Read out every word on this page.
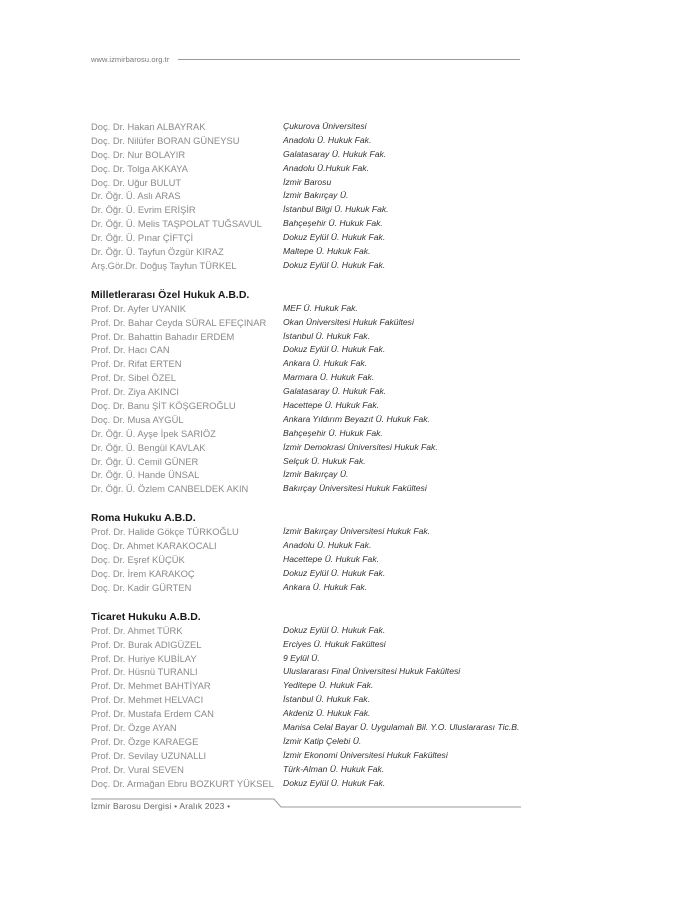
www.izmirbarosu.org.tr
Doç. Dr. Hakan ALBAYRAK	Çukurova Üniversitesi
Doç. Dr. Nilüfer BORAN GÜNEYSU	Anadolu Ü. Hukuk Fak.
Doç. Dr. Nur BOLAYIR	Galatasaray Ü. Hukuk Fak.
Doç. Dr. Tolga AKKAYA	Anadolu Ü.Hukuk Fak.
Doç. Dr. Uğur BULUT	İzmir Barosu
Dr. Öğr. Ü. Aslı ARAS	İzmir Bakırçay Ü.
Dr. Öğr. Ü. Evrim ERİŞİR	İstanbul Bilgi Ü. Hukuk Fak.
Dr. Öğr. Ü. Melis TAŞPOLAT TUĞSAVUL	Bahçeşehir Ü. Hukuk Fak.
Dr. Öğr. Ü. Pınar ÇİFTÇİ	Dokuz Eylül Ü. Hukuk Fak.
Dr. Öğr. Ü. Tayfun Özgür KIRAZ	Maltepe Ü. Hukuk Fak.
Arş.Gör.Dr. Doğuş Tayfun TÜRKEL	Dokuz Eylül Ü. Hukuk Fak.
Milletlerarası Özel Hukuk A.B.D.
Prof. Dr. Ayfer UYANIK	MEF Ü. Hukuk Fak.
Prof. Dr. Bahar Ceyda SÜRAL EFEÇINAR	Okan Üniversitesi Hukuk Fakültesi
Prof. Dr. Bahattin Bahadır ERDEM	İstanbul Ü. Hukuk Fak.
Prof. Dr. Hacı CAN	Dokuz Eylül Ü. Hukuk Fak.
Prof. Dr. Rifat ERTEN	Ankara Ü. Hukuk Fak.
Prof. Dr. Sibel ÖZEL	Marmara Ü. Hukuk Fak.
Prof. Dr. Ziya AKINCI	Galatasaray Ü. Hukuk Fak.
Doç. Dr. Banu ŞİT KÖŞGEROĞLU	Hacettepe Ü. Hukuk Fak.
Doç. Dr. Musa AYGÜL	Ankara Yıldırım Beyazıt Ü. Hukuk Fak.
Dr. Öğr. Ü. Ayşe İpek SARIÖZ	Bahçeşehir Ü. Hukuk Fak.
Dr. Öğr. Ü. Bengül KAVLAK	İzmir Demokrasi Üniversitesi Hukuk Fak.
Dr. Öğr. Ü. Cemil GÜNER	Selçuk Ü. Hukuk Fak.
Dr. Öğr. Ü. Hande ÜNSAL	İzmir Bakırçay Ü.
Dr. Öğr. Ü. Özlem CANBELDEK AKIN	Bakırçay Üniversitesi Hukuk Fakültesi
Roma Hukuku A.B.D.
Prof. Dr. Halide Gökçe TÜRKOĞLU	İzmir Bakırçay Üniversitesi Hukuk Fak.
Doç. Dr. Ahmet KARAKOCALI	Anadolu Ü. Hukuk Fak.
Doç. Dr. Eşref KÜÇÜK	Hacettepe Ü. Hukuk Fak.
Doç. Dr. İrem KARAKOÇ	Dokuz Eylül Ü. Hukuk Fak.
Doç. Dr. Kadir GÜRTEN	Ankara Ü. Hukuk Fak.
Ticaret Hukuku A.B.D.
Prof. Dr. Ahmet TÜRK	Dokuz Eylül Ü. Hukuk Fak.
Prof. Dr. Burak ADIGÜZEL	Erciyes Ü. Hukuk Fakültesi
Prof. Dr. Huriye KUBİLAY	9 Eylül Ü.
Prof. Dr. Hüsnü TURANLI	Uluslararası Final Üniversitesi Hukuk Fakültesi
Prof. Dr. Mehmet BAHTİYAR	Yeditepe Ü. Hukuk Fak.
Prof. Dr. Mehmet HELVACI	İstanbul Ü. Hukuk Fak.
Prof. Dr. Mustafa Erdem CAN	Akdeniz Ü. Hukuk Fak.
Prof. Dr. Özge AYAN	Manisa Celal Bayar Ü. Uygulamalı Bil. Y.O. Uluslararası Tic.B.
Prof. Dr. Özge KARAEGE	İzmir Katip Çelebi Ü.
Prof. Dr. Sevilay UZUNALLI	İzmir Ekonomi Üniversitesi Hukuk Fakültesi
Prof. Dr. Vural SEVEN	Türk-Alman Ü. Hukuk Fak.
Doç. Dr. Armağan Ebru BOZKURT YÜKSEL	Dokuz Eylül Ü. Hukuk Fak.
İzmir Barosu Dergisi • Aralık 2023 •
